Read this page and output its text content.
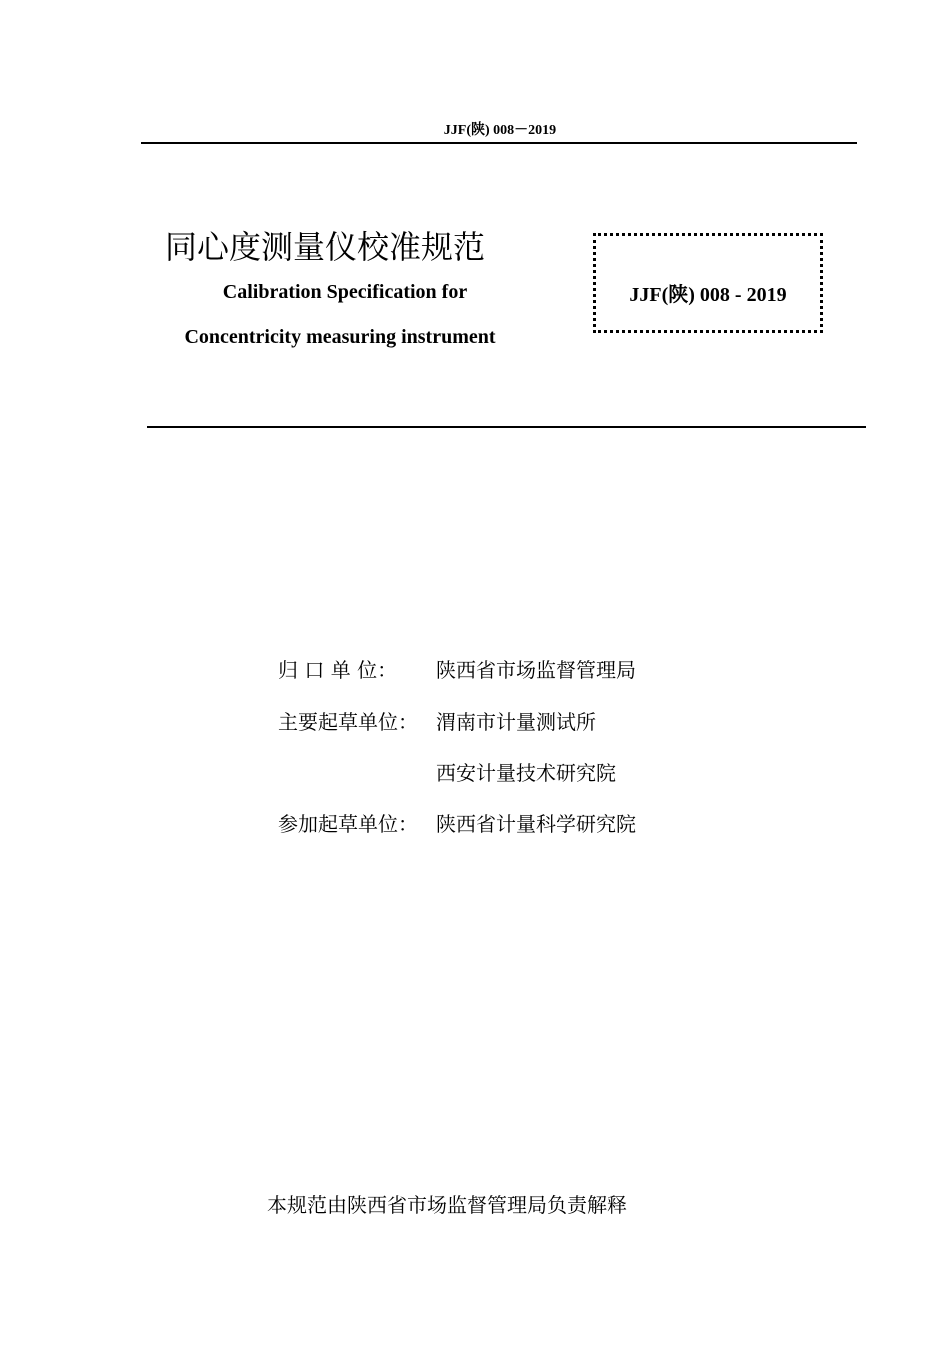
JJF(陕) 008－2019
同心度测量仪校准规范
Calibration Specification for
Concentricity measuring instrument
JJF(陕) 008 - 2019
归 口 单 位：	陕西省市场监督管理局
主要起草单位： 渭南市计量测试所
西安计量技术研究院
参加起草单位： 陕西省计量科学研究院
本规范由陕西省市场监督管理局负责解释
